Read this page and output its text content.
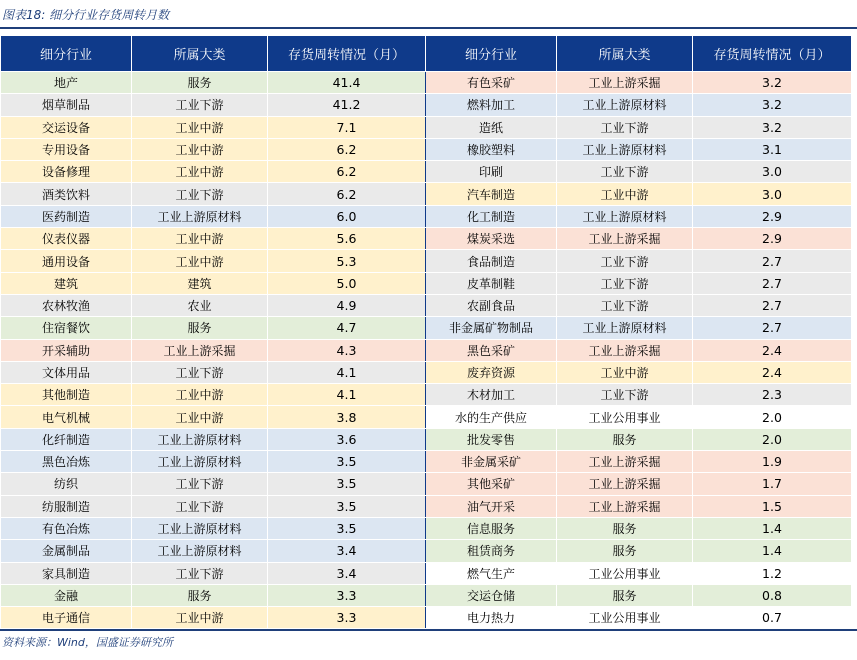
图表18: 细分行业存货周转月数
细分行业	所属大类	存货周转情况（月）	细分行业	所属大类	存货周转情况（月）
地产	服务	41.4	有色采矿	工业上游采掘	3.2
烟草制品	工业下游	41.2	燃料加工	工业上游原材料	3.2
交运设备	工业中游	7.1	造纸	工业下游	3.2
专用设备	工业中游	6.2	橡胶塑料	工业上游原材料	3.1
设备修理	工业中游	6.2	印刷	工业下游	3.0
酒类饮料	工业下游	6.2	汽车制造	工业中游	3.0
医药制造	工业上游原材料	6.0	化工制造	工业上游原材料	2.9
仪表仪器	工业中游	5.6	煤炭采选	工业上游采掘	2.9
通用设备	工业中游	5.3	食品制造	工业下游	2.7
建筑	建筑	5.0	皮革制鞋	工业下游	2.7
农林牧渔	农业	4.9	农副食品	工业下游	2.7
住宿餐饮	服务	4.7	非金属矿物制品	工业上游原材料	2.7
开采辅助	工业上游采掘	4.3	黑色采矿	工业上游采掘	2.4
文体用品	工业下游	4.1	废弃资源	工业中游	2.4
其他制造	工业中游	4.1	木材加工	工业下游	2.3
电气机械	工业中游	3.8	水的生产供应	工业公用事业	2.0
化纤制造	工业上游原材料	3.6	批发零售	服务	2.0
黑色冶炼	工业上游原材料	3.5	非金属采矿	工业上游采掘	1.9
纺织	工业下游	3.5	其他采矿	工业上游采掘	1.7
纺服制造	工业下游	3.5	油气开采	工业上游采掘	1.5
有色冶炼	工业上游原材料	3.5	信息服务	服务	1.4
金属制品	工业上游原材料	3.4	租赁商务	服务	1.4
家具制造	工业下游	3.4	燃气生产	工业公用事业	1.2
金融	服务	3.3	交运仓储	服务	0.8
电子通信	工业中游	3.3	电力热力	工业公用事业	0.7
资料来源：Wind，国盛证券研究所
